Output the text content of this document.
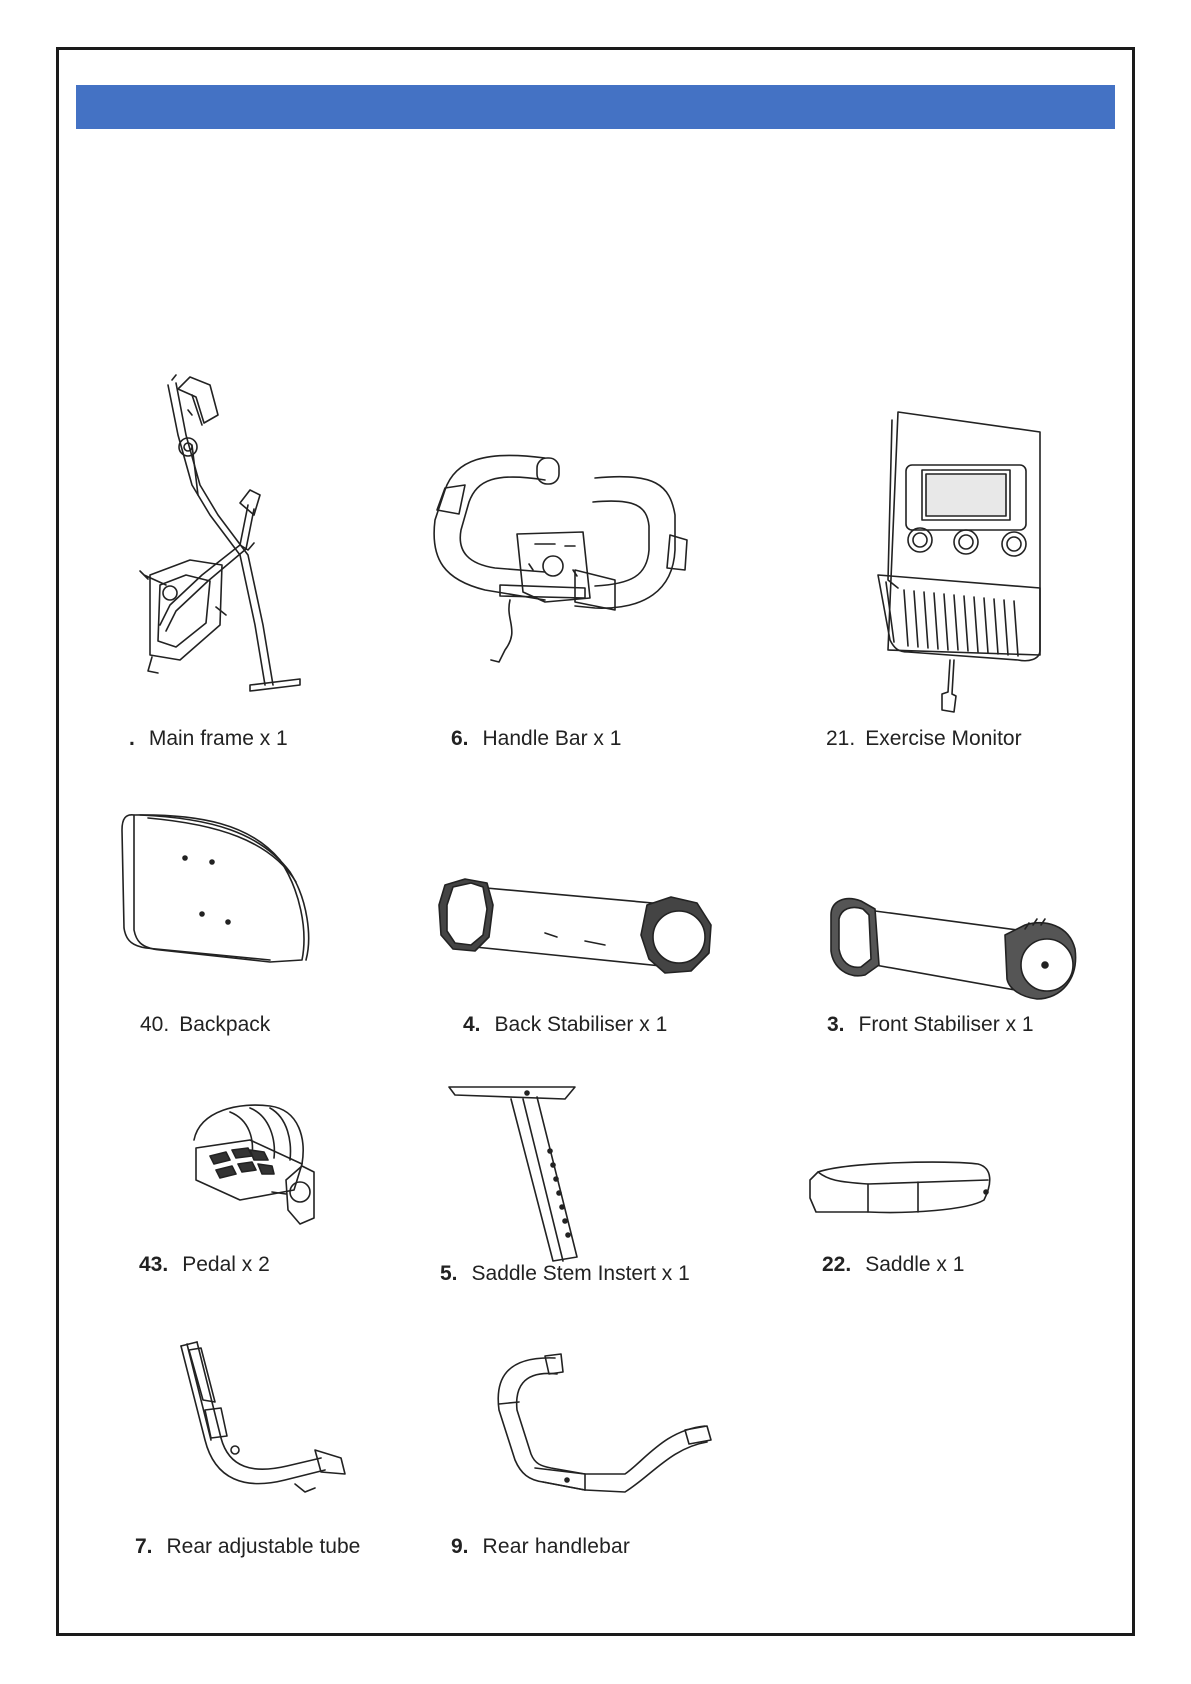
. Main frame x 1	6. Handle Bar x 1	21. Exercise Monitor
40. Backpack	4. Back Stabiliser x 1	3. Front Stabiliser x 1
43. Pedal x 2	5. Saddle Stem Instert x 1	22. Saddle x 1
7. Rear adjustable tube	9. Rear handlebar
